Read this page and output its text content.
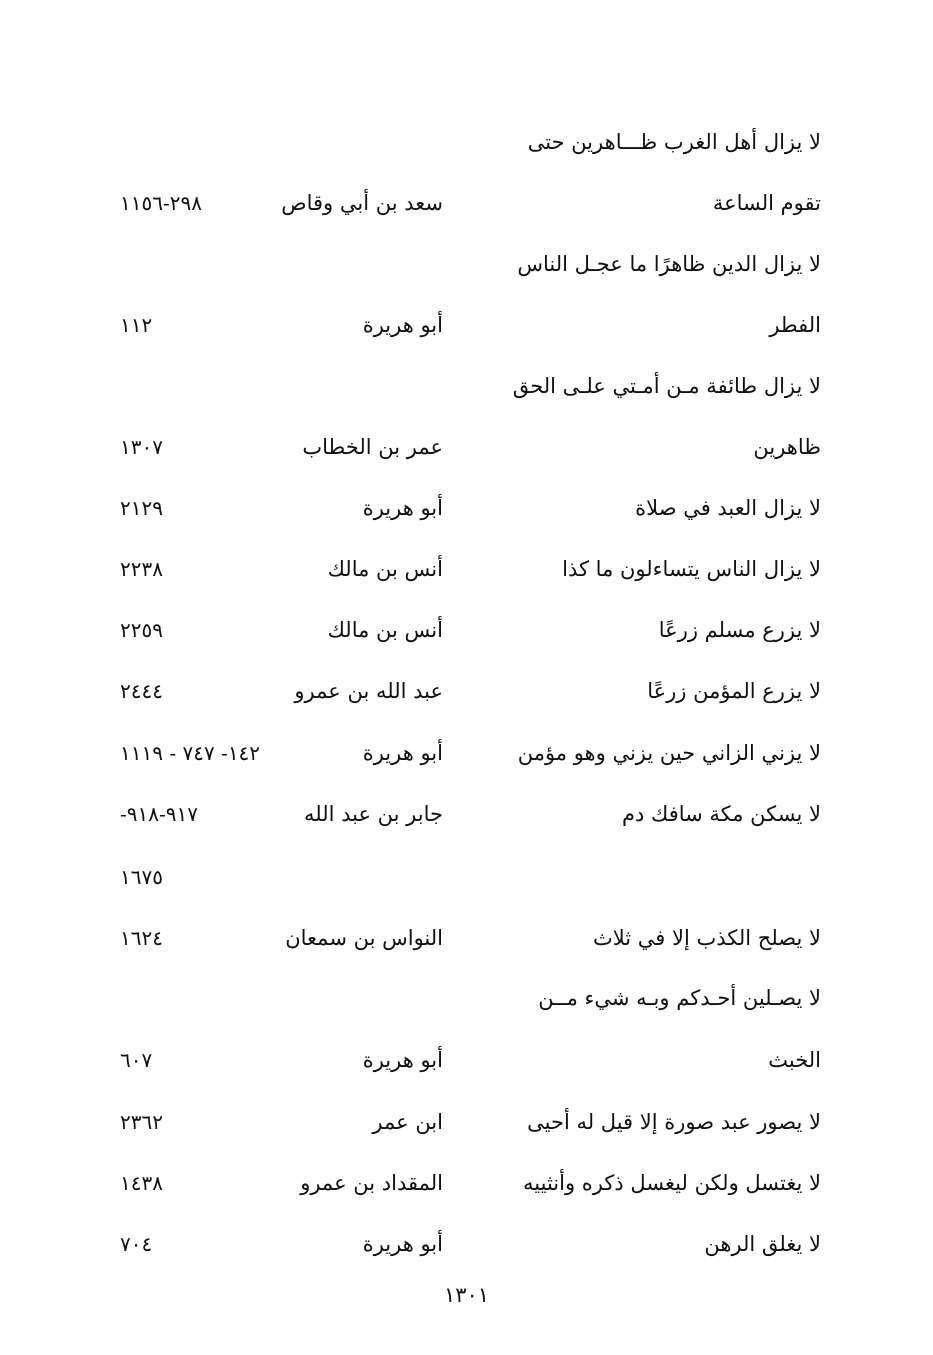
لا يزال أهل الغرب ظـــاهرين حتى
تقوم الساعة
سعد بن أبي وقاص
٢٩٨-١١٥٦
لا يزال الدين ظاهرًا ما عجـل الناس
الفطر
أبو هريرة
١١٢
لا يزال طائفة مـن أمـتي علـى الحق
ظاهرين
عمر بن الخطاب
١٣٠٧
لا يزال العبد في صلاة
أبو هريرة
٢١٢٩
لا يزال الناس يتساءلون ما كذا
أنس بن مالك
٢٢٣٨
لا يزرع مسلم زرعًا
أنس بن مالك
٢٢٥٩
لا يزرع المؤمن زرعًا
عبد الله بن عمرو
٢٤٤٤
لا يزني الزاني حين يزني وهو مؤمن
أبو هريرة
١٤٢- ٧٤٧ - ١١١٩
لا يسكن مكة سافك دم
جابر بن عبد الله
٩١٧-٩١٨-
١٦٧٥
لا يصلح الكذب إلا في ثلاث
النواس بن سمعان
١٦٢٤
لا يصـلين أحـدكم وبـه شيء مــن
الخبث
أبو هريرة
٦٠٧
لا يصور عبد صورة إلا قيل له أحيى
ابن عمر
٢٣٦٢
لا يغتسل ولكن ليغسل ذكره وأنثييه
المقداد بن عمرو
١٤٣٨
لا يغلق الرهن
أبو هريرة
٧٠٤
١٣٠١
